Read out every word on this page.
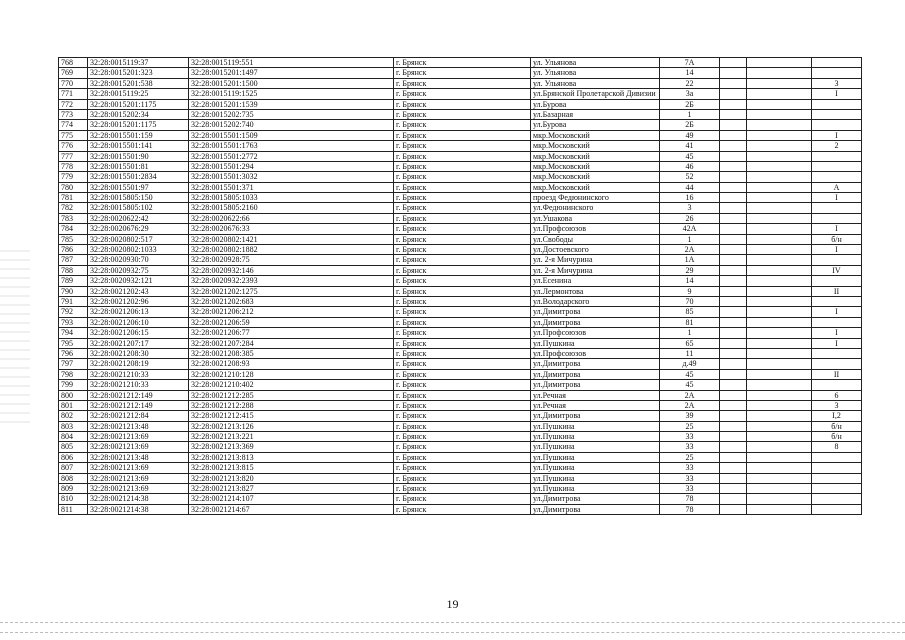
768	32:28:0015119:37	32:28:0015119:551	г. Брянск	ул. Ульянова	7А			
769	32:28:0015201:323	32:28:0015201:1497	г. Брянск	ул. Ульянова	14			
770	32:28:0015201:538	32:28:0015201:1500	г. Брянск	ул. Ульянова	22			3
771	32:28:0015119:25	32:28:0015119:1525	г. Брянск	ул.Брянской Пролетарской Дивизии	3а			I
772	32:28:0015201:1175	32:28:0015201:1539	г. Брянск	ул.Бурова	2Б			
773	32:28:0015202:34	32:28:0015202:735	г. Брянск	ул.Базарная	1			
774	32:28:0015201:1175	32:28:0015202:740	г. Брянск	ул.Бурова	2Б			
775	32:28:0015501:159	32:28:0015501:1509	г. Брянск	мкр.Московский	49			I
776	32:28:0015501:141	32:28:0015501:1763	г. Брянск	мкр.Московский	41			2
777	32:28:0015501:90	32:28:0015501:2772	г. Брянск	мкр.Московский	45			
778	32:28:0015501:81	32:28:0015501:294	г. Брянск	мкр.Московский	46			
779	32:28:0015501:2834	32:28:0015501:3032	г. Брянск	мкр.Московский	52			
780	32:28:0015501:97	32:28:0015501:371	г. Брянск	мкр.Московский	44			А
781	32:28:0015805:150	32:28:0015805:1033	г. Брянск	проезд Федюнинского	16			I
782	32:28:0015805:102	32:28:0015805:2160	г. Брянск	ул.Федюнинского	3			
783	32:28:0020622:42	32:28:0020622:66	г. Брянск	ул.Ушакова	26			
784	32:28:0020676:29	32:28:0020676:33	г. Брянск	ул.Профсоюзов	42А			I
785	32:28:0020802:517	32:28:0020802:1421	г. Брянск	ул.Свободы	1			б/н
786	32:28:0020802:1033	32:28:0020802:1882	г. Брянск	ул.Достоевского	2А			I
787	32:28:0020930:70	32:28:0020928:75	г. Брянск	ул. 2-я Мичурина	1А			
788	32:28:0020932:75	32:28:0020932:146	г. Брянск	ул. 2-я Мичурина	29			IV
789	32:28:0020932:121	32:28:0020932:2393	г. Брянск	ул.Есенина	14			
790	32:28:0021202:43	32:28:0021202:1275	г. Брянск	ул.Лермонтова	9			II
791	32:28:0021202:96	32:28:0021202:683	г. Брянск	ул.Володарского	70			
792	32:28:0021206:13	32:28:0021206:212	г. Брянск	ул.Димитрова	85			I
793	32:28:0021206:10	32:28:0021206:59	г. Брянск	ул.Димитрова	81			
794	32:28:0021206:15	32:28:0021206:77	г. Брянск	ул.Профсоюзов	1			I
795	32:28:0021207:17	32:28:0021207:284	г. Брянск	ул.Пушкина	65			I
796	32:28:0021208:30	32:28:0021208:385	г. Брянск	ул.Профсоюзов	11			
797	32:28:0021208:19	32:28:0021208:93	г. Брянск	ул.Димитрова	д.49			
798	32:28:0021210:33	32:28:0021210:128	г. Брянск	ул.Димитрова	45			II
799	32:28:0021210:33	32:28:0021210:402	г. Брянск	ул.Димитрова	45			
800	32:28:0021212:149	32:28:0021212:285	г. Брянск	ул.Речная	2А			6
801	32:28:0021212:149	32:28:0021212:288	г. Брянск	ул.Речная	2А			3
802	32:28:0021212:84	32:28:0021212:415	г. Брянск	ул.Димитрова	39			I,2
803	32:28:0021213:48	32:28:0021213:126	г. Брянск	ул.Пушкина	25			б/н
804	32:28:0021213:69	32:28:0021213:221	г. Брянск	ул.Пушкина	33			б/н
805	32:28:0021213:69	32:28:0021213:369	г. Брянск	ул.Пушкина	33			8
806	32:28:0021213:48	32:28:0021213:813	г. Брянск	ул.Пушкина	25			
807	32:28:0021213:69	32:28:0021213:815	г. Брянск	ул.Пушкина	33			
808	32:28:0021213:69	32:28:0021213:820	г. Брянск	ул.Пушкина	33			
809	32:28:0021213:69	32:28:0021213:827	г. Брянск	ул.Пушкина	33			
810	32:28:0021214:38	32:28:0021214:107	г. Брянск	ул.Димитрова	78			
811	32:28:0021214:38	32:28:0021214:67	г. Брянск	ул.Димитрова	78			
19
